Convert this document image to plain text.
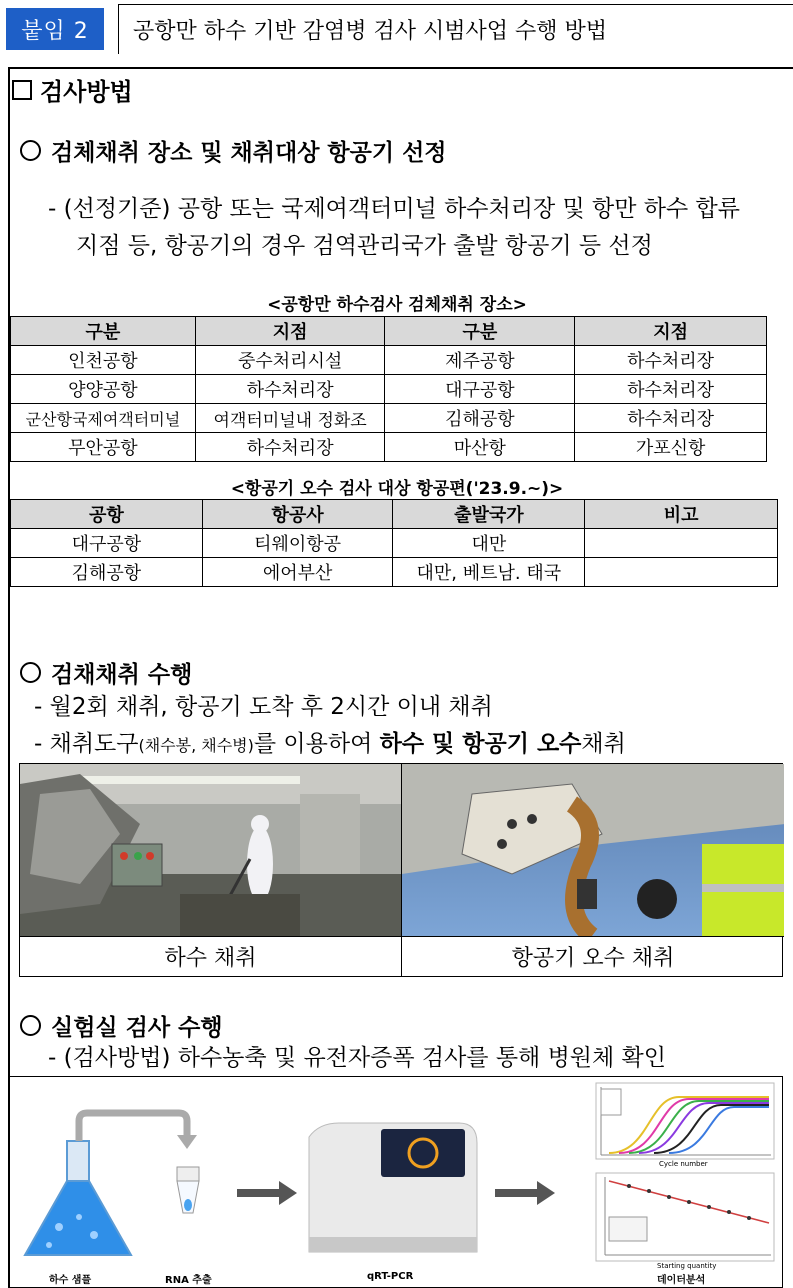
붙임 2	공항만 하수 기반 감염병 검사 시범사업 수행 방법
검사방법
검체채취 장소 및 채취대상 항공기 선정
- (선정기준) 공항 또는 국제여객터미널 하수처리장 및 항만 하수 합류
지점 등, 항공기의 경우 검역관리국가 출발 항공기 등 선정
<공항만 하수검사 검체채취 장소>
구분	지점	구분	지점
인천공항	중수처리시설	제주공항	하수처리장
양양공항	하수처리장	대구공항	하수처리장
군산항국제여객터미널	여객터미널내 정화조	김해공항	하수처리장
무안공항	하수처리장	마산항	가포신항
<항공기 오수 검사 대상 항공편('23.9.~)>
공항	항공사	출발국가	비고
대구공항	티웨이항공	대만	
김해공항	에어부산	대만, 베트남. 태국	
검채채취 수행
- 월2회 채취, 항공기 도착 후 2시간 이내 채취
- 채취도구(채수봉, 채수병)를 이용하여 하수 및 항공기 오수채취
하수 채취	항공기 오수 채취
실험실 검사 수행
- (검사방법) 하수농축 및 유전자증폭 검사를 통해 병원체 확인
하수 샘플	RNA 추출	qRT-PCR	데이터분석
Cycle number
Starting quantity
